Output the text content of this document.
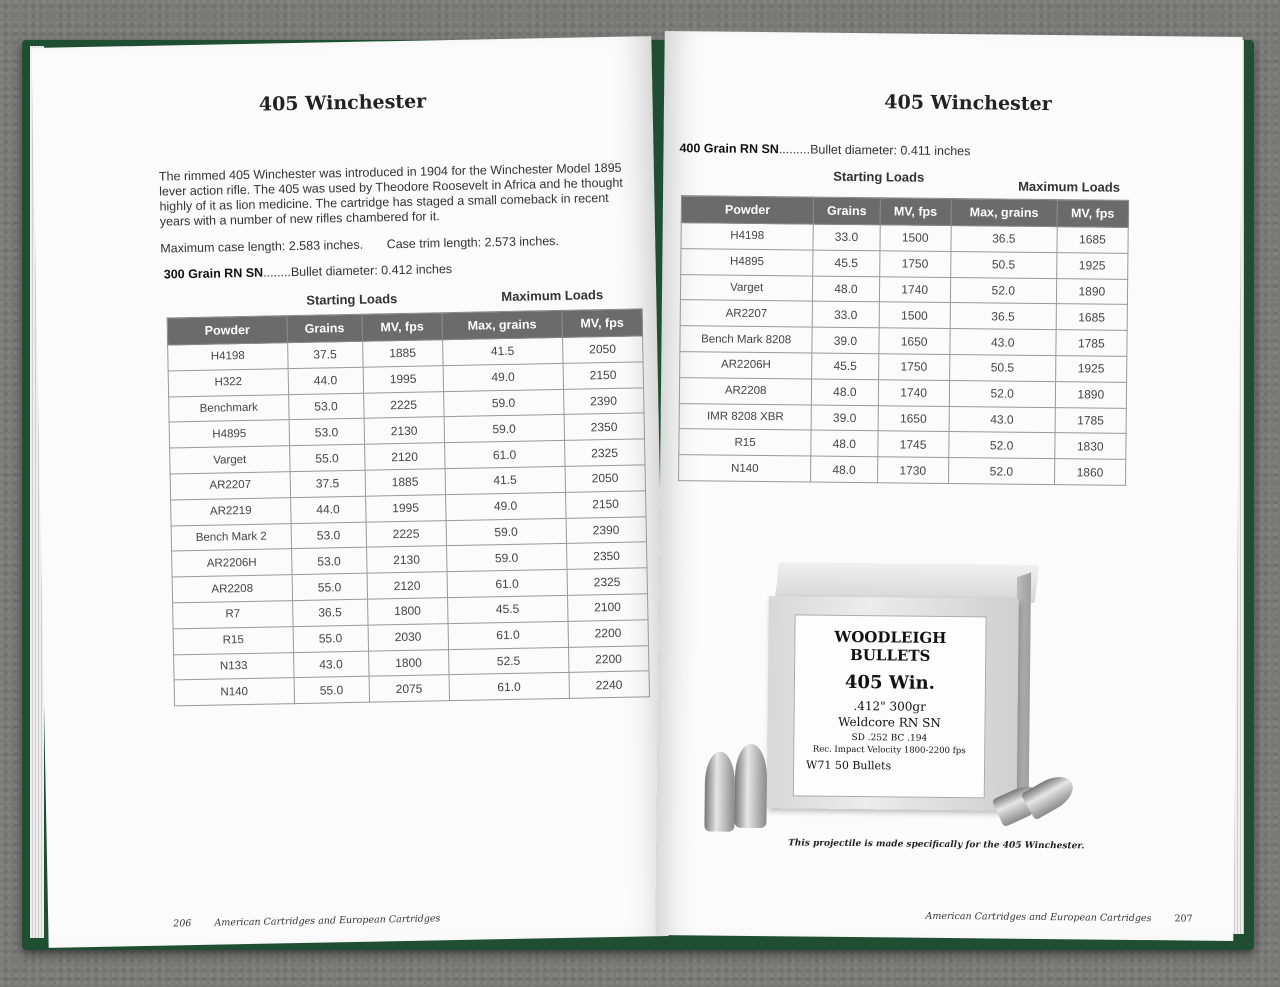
405 Winchester
The rimmed 405 Winchester was introduced in 1904 for the Winchester Model 1895 lever action rifle. The 405 was used by Theodore Roosevelt in Africa and he thought highly of it as lion medicine. The cartridge has staged a small comeback in recent years with a number of new rifles chambered for it.
Maximum case length: 2.583 inches. Case trim length: 2.573 inches.
300 Grain RN SN........Bullet diameter: 0.412 inches
Starting Loads	Maximum Loads
Powder	Grains	MV, fps	Max, grains	MV, fps
H4198	37.5	1885	41.5	2050
H322	44.0	1995	49.0	2150
Benchmark	53.0	2225	59.0	2390
H4895	53.0	2130	59.0	2350
Varget	55.0	2120	61.0	2325
AR2207	37.5	1885	41.5	2050
AR2219	44.0	1995	49.0	2150
Bench Mark 2	53.0	2225	59.0	2390
AR2206H	53.0	2130	59.0	2350
AR2208	55.0	2120	61.0	2325
R7	36.5	1800	45.5	2100
R15	55.0	2030	61.0	2200
N133	43.0	1800	52.5	2200
N140	55.0	2075	61.0	2240
206 American Cartridges and European Cartridges
405 Winchester
400 Grain RN SN.........Bullet diameter: 0.411 inches
Starting Loads
Maximum Loads
Powder	Grains	MV, fps	Max, grains	MV, fps
H4198	33.0	1500	36.5	1685
H4895	45.5	1750	50.5	1925
Varget	48.0	1740	52.0	1890
AR2207	33.0	1500	36.5	1685
Bench Mark 8208	39.0	1650	43.0	1785
AR2206H	45.5	1750	50.5	1925
AR2208	48.0	1740	52.0	1890
IMR 8208 XBR	39.0	1650	43.0	1785
R15	48.0	1745	52.0	1830
N140	48.0	1730	52.0	1860
WOODLEIGH BULLETS
405 Win.
.412" 300gr
Weldcore RN SN
SD .252 BC .194
Rec. Impact Velocity 1800-2200 fps
W71 50 Bullets
This projectile is made specifically for the 405 Winchester.
American Cartridges and European Cartridges 207
